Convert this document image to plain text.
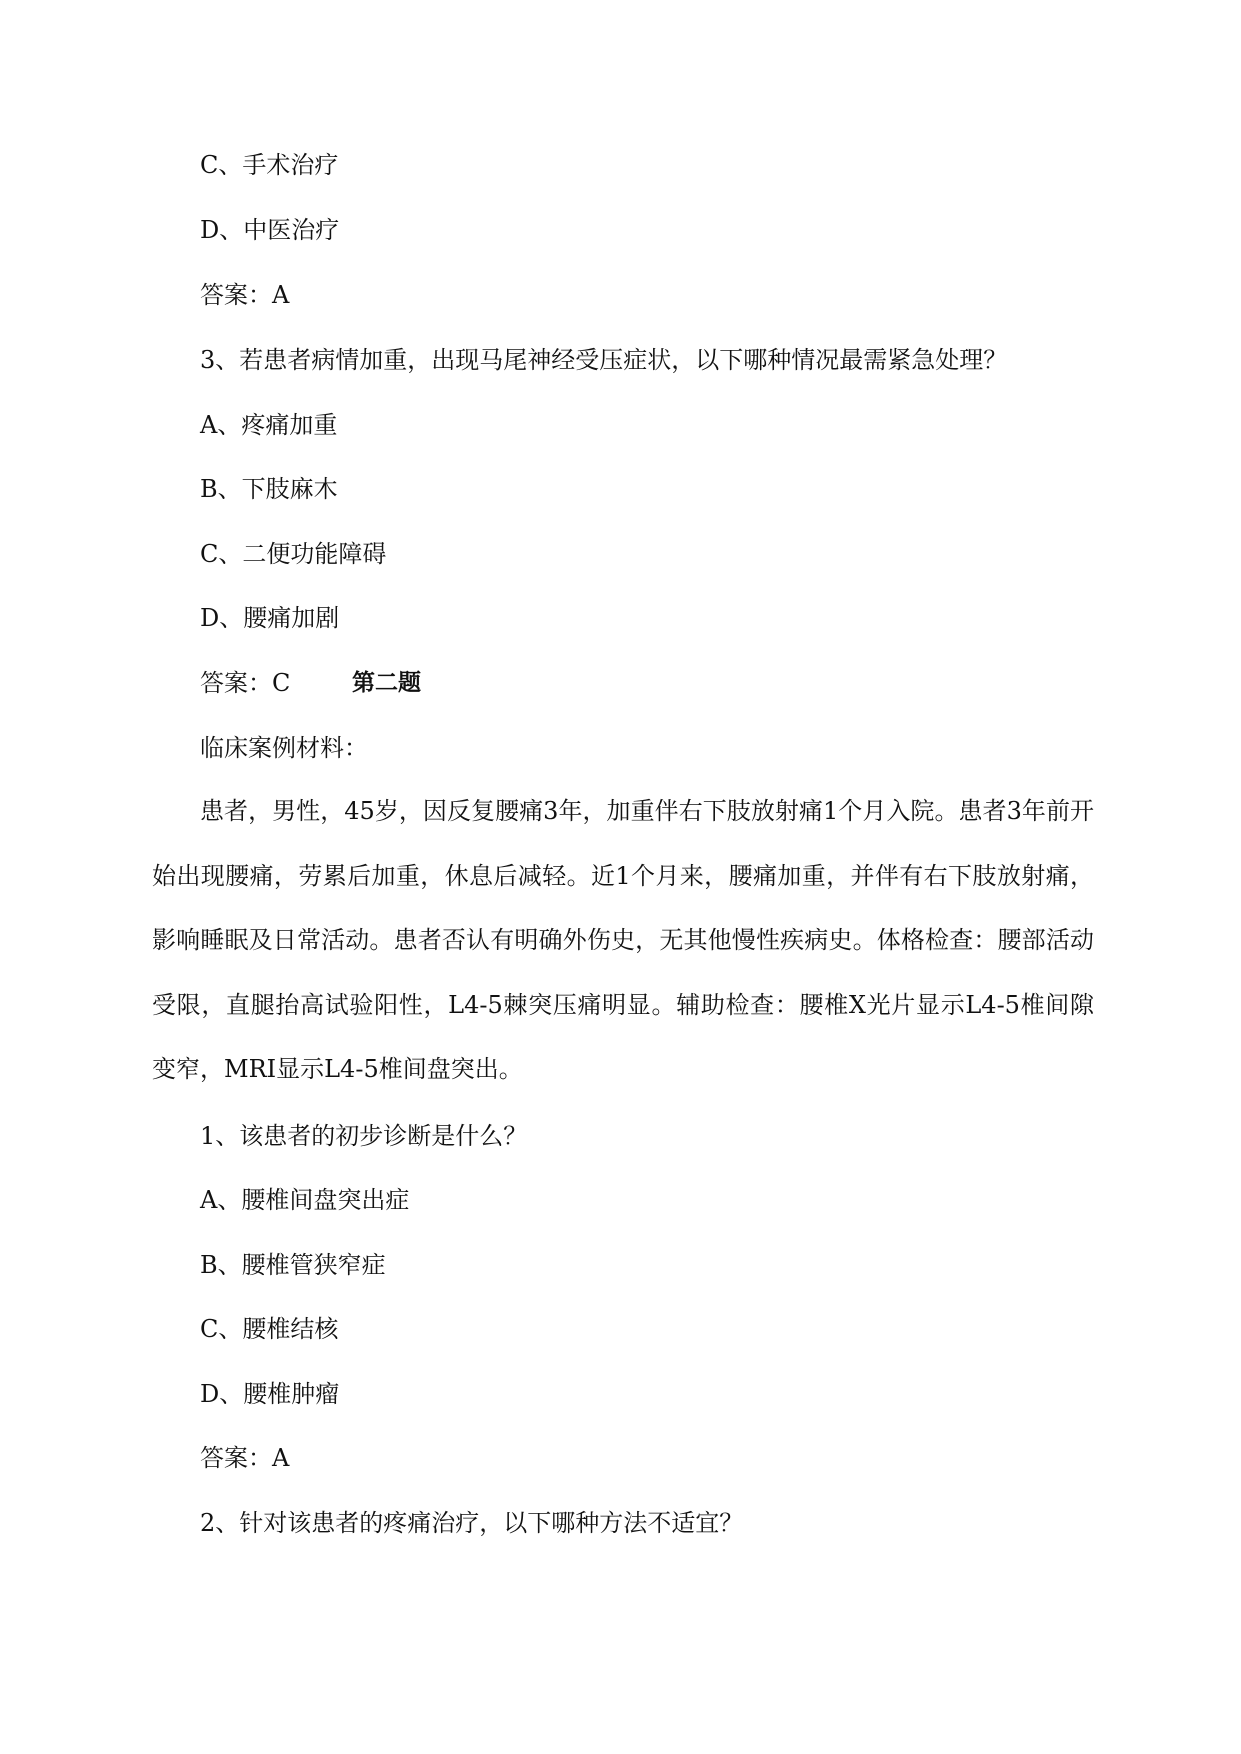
C、手术治疗
D、中医治疗
答案：A
3、若患者病情加重，出现马尾神经受压症状，以下哪种情况最需紧急处理？
A、疼痛加重
B、下肢麻木
C、二便功能障碍
D、腰痛加剧
答案：C	第二题
临床案例材料：
患者，男性，45岁，因反复腰痛3年，加重伴右下肢放射痛1个月入院。患者3年前开始出现腰痛，劳累后加重，休息后减轻。近1个月来，腰痛加重，并伴有右下肢放射痛，影响睡眠及日常活动。患者否认有明确外伤史，无其他慢性疾病史。体格检查：腰部活动受限，直腿抬高试验阳性，L4-5棘突压痛明显。辅助检查：腰椎X光片显示L4-5椎间隙变窄，MRI显示L4-5椎间盘突出。
1、该患者的初步诊断是什么？
A、腰椎间盘突出症
B、腰椎管狭窄症
C、腰椎结核
D、腰椎肿瘤
答案：A
2、针对该患者的疼痛治疗，以下哪种方法不适宜？
